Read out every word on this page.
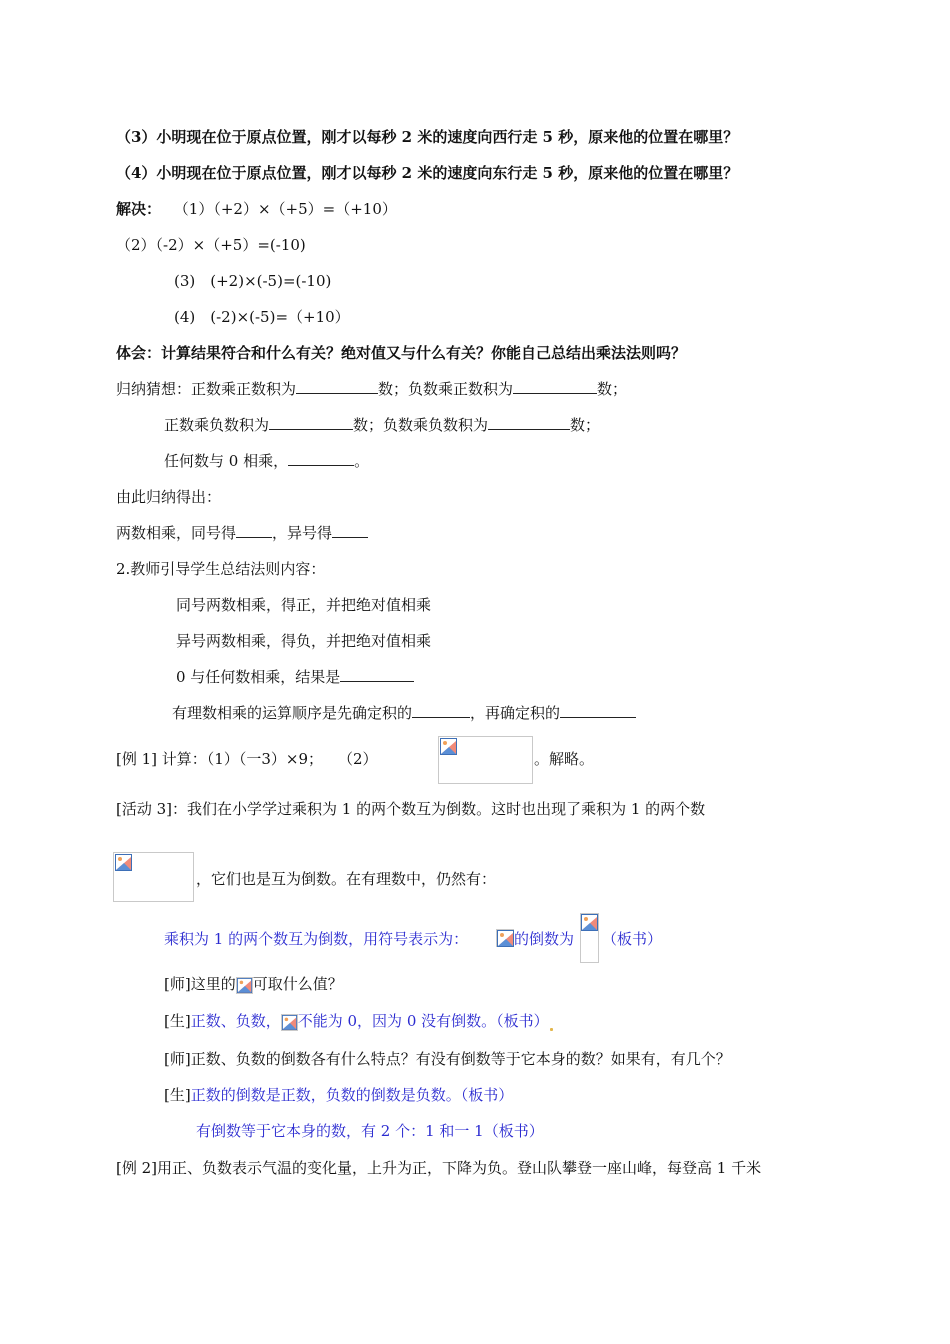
（3）小明现在位于原点位置，刚才以每秒 2 米的速度向西行走 5 秒，原来他的位置在哪里？
（4）小明现在位于原点位置，刚才以每秒 2 米的速度向东行走 5 秒，原来他的位置在哪里？
解决： （1）（+2）×（+5）=（+10）
（2）（-2）×（+5）=(-10)
(3)　(+2)×(-5)=(-10)
(4)　(-2)×(-5)=（+10）
体会：计算结果符合和什么有关？绝对值又与什么有关？你能自己总结出乘法法则吗？
归纳猜想：正数乘正数积为	数；负数乘正数积为	数；
正数乘负数积为	数；负数乘负数积为	数；
任何数与 0 相乘，	。
由此归纳得出：
两数相乘，同号得 ，异号得
2.教师引导学生总结法则内容：
同号两数相乘，得正，并把绝对值相乘
异号两数相乘，得负，并把绝对值相乘
0 与任何数相乘，结果是
有理数相乘的运算顺序是先确定积的	，再确定积的
[例 1] 计算：（1）（一3）×9；　　（2）	。解略。
[活动 3]：我们在小学学过乘积为 1 的两个数互为倒数。这时也出现了乘积为 1 的两个数
，它们也是互为倒数。在有理数中，仍然有：
乘积为 1 的两个数互为倒数，用符号表示为：	的倒数为 （板书）
[师]这里的 可取什么值？
[生]正数、负数， 不能为 0，因为 0 没有倒数。（板书）
[师]正数、负数的倒数各有什么特点？有没有倒数等于它本身的数？如果有，有几个？
[生]正数的倒数是正数，负数的倒数是负数。（板书）
有倒数等于它本身的数，有 2 个：1 和一 1（板书）
[例 2]用正、负数表示气温的变化量，上升为正，下降为负。登山队攀登一座山峰，每登高 1 千米
